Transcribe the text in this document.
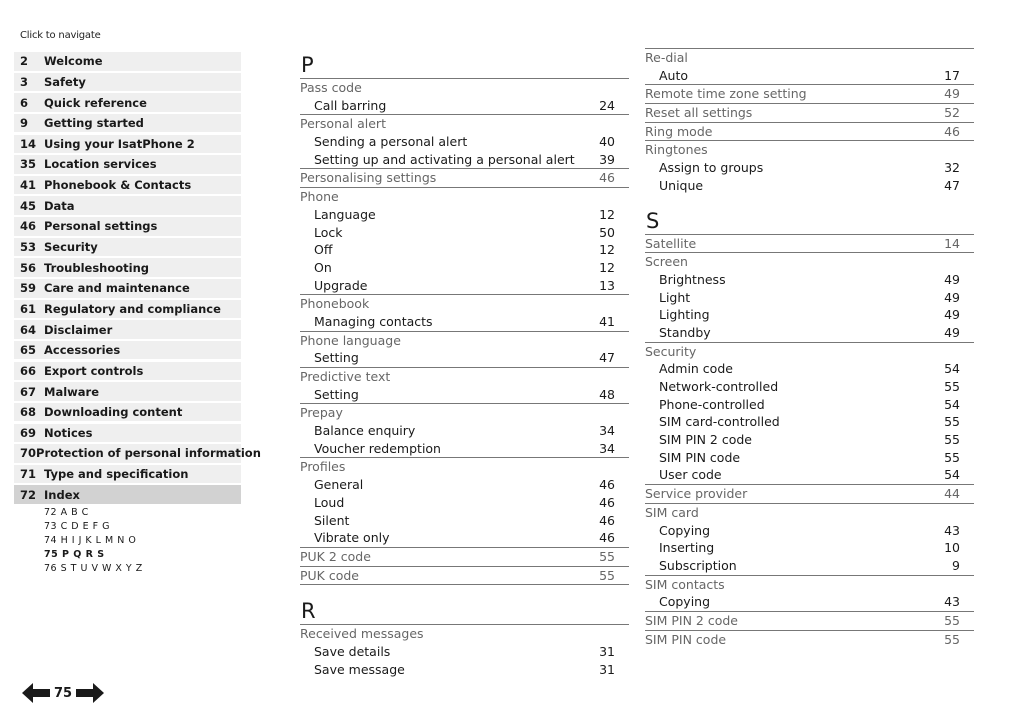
Click to navigate
2	Welcome
3	Safety
6	Quick reference
9	Getting started
14 Using your IsatPhone 2
35 Location services
41 Phonebook & Contacts
45 Data
46 Personal settings
53 Security
56 Troubleshooting
59 Care and maintenance
61 Regulatory and compliance
64 Disclaimer
65 Accessories
66 Export controls
67 Malware
68 Downloading content
69 Notices
70 Protection of personal information
71 Type and specification
72 Index
72 A B C
73 C D E F G
74 H I J K L M N O
75 P Q R S
76 S T U V W X Y Z
75
P
Pass code
Call barring	24
Personal alert
Sending a personal alert	40
Setting up and activating a personal alert 39
Personalising settings	46
Phone
Language	12
Lock	50
Off	12
On	12
Upgrade	13
Phonebook
Managing contacts	41
Phone language
Setting	47
Predictive text
Setting	48
Prepay
Balance enquiry	34
Voucher redemption	34
Profiles
General	46
Loud	46
Silent	46
Vibrate only	46
PUK 2 code	55
PUK code	55
R
Received messages
Save details	31
Save message	31
Re-dial
Auto	17
Remote time zone setting	49
Reset all settings	52
Ring mode	46
Ringtones
Assign to groups	32
Unique	47
S
Satellite	14
Screen
Brightness	49
Light	49
Lighting	49
Standby	49
Security
Admin code	54
Network-controlled	55
Phone-controlled	54
SIM card-controlled	55
SIM PIN 2 code	55
SIM PIN code	55
User code	54
Service provider	44
SIM card
Copying	43
Inserting	10
Subscription	9
SIM contacts
Copying	43
SIM PIN 2 code	55
SIM PIN code	55
